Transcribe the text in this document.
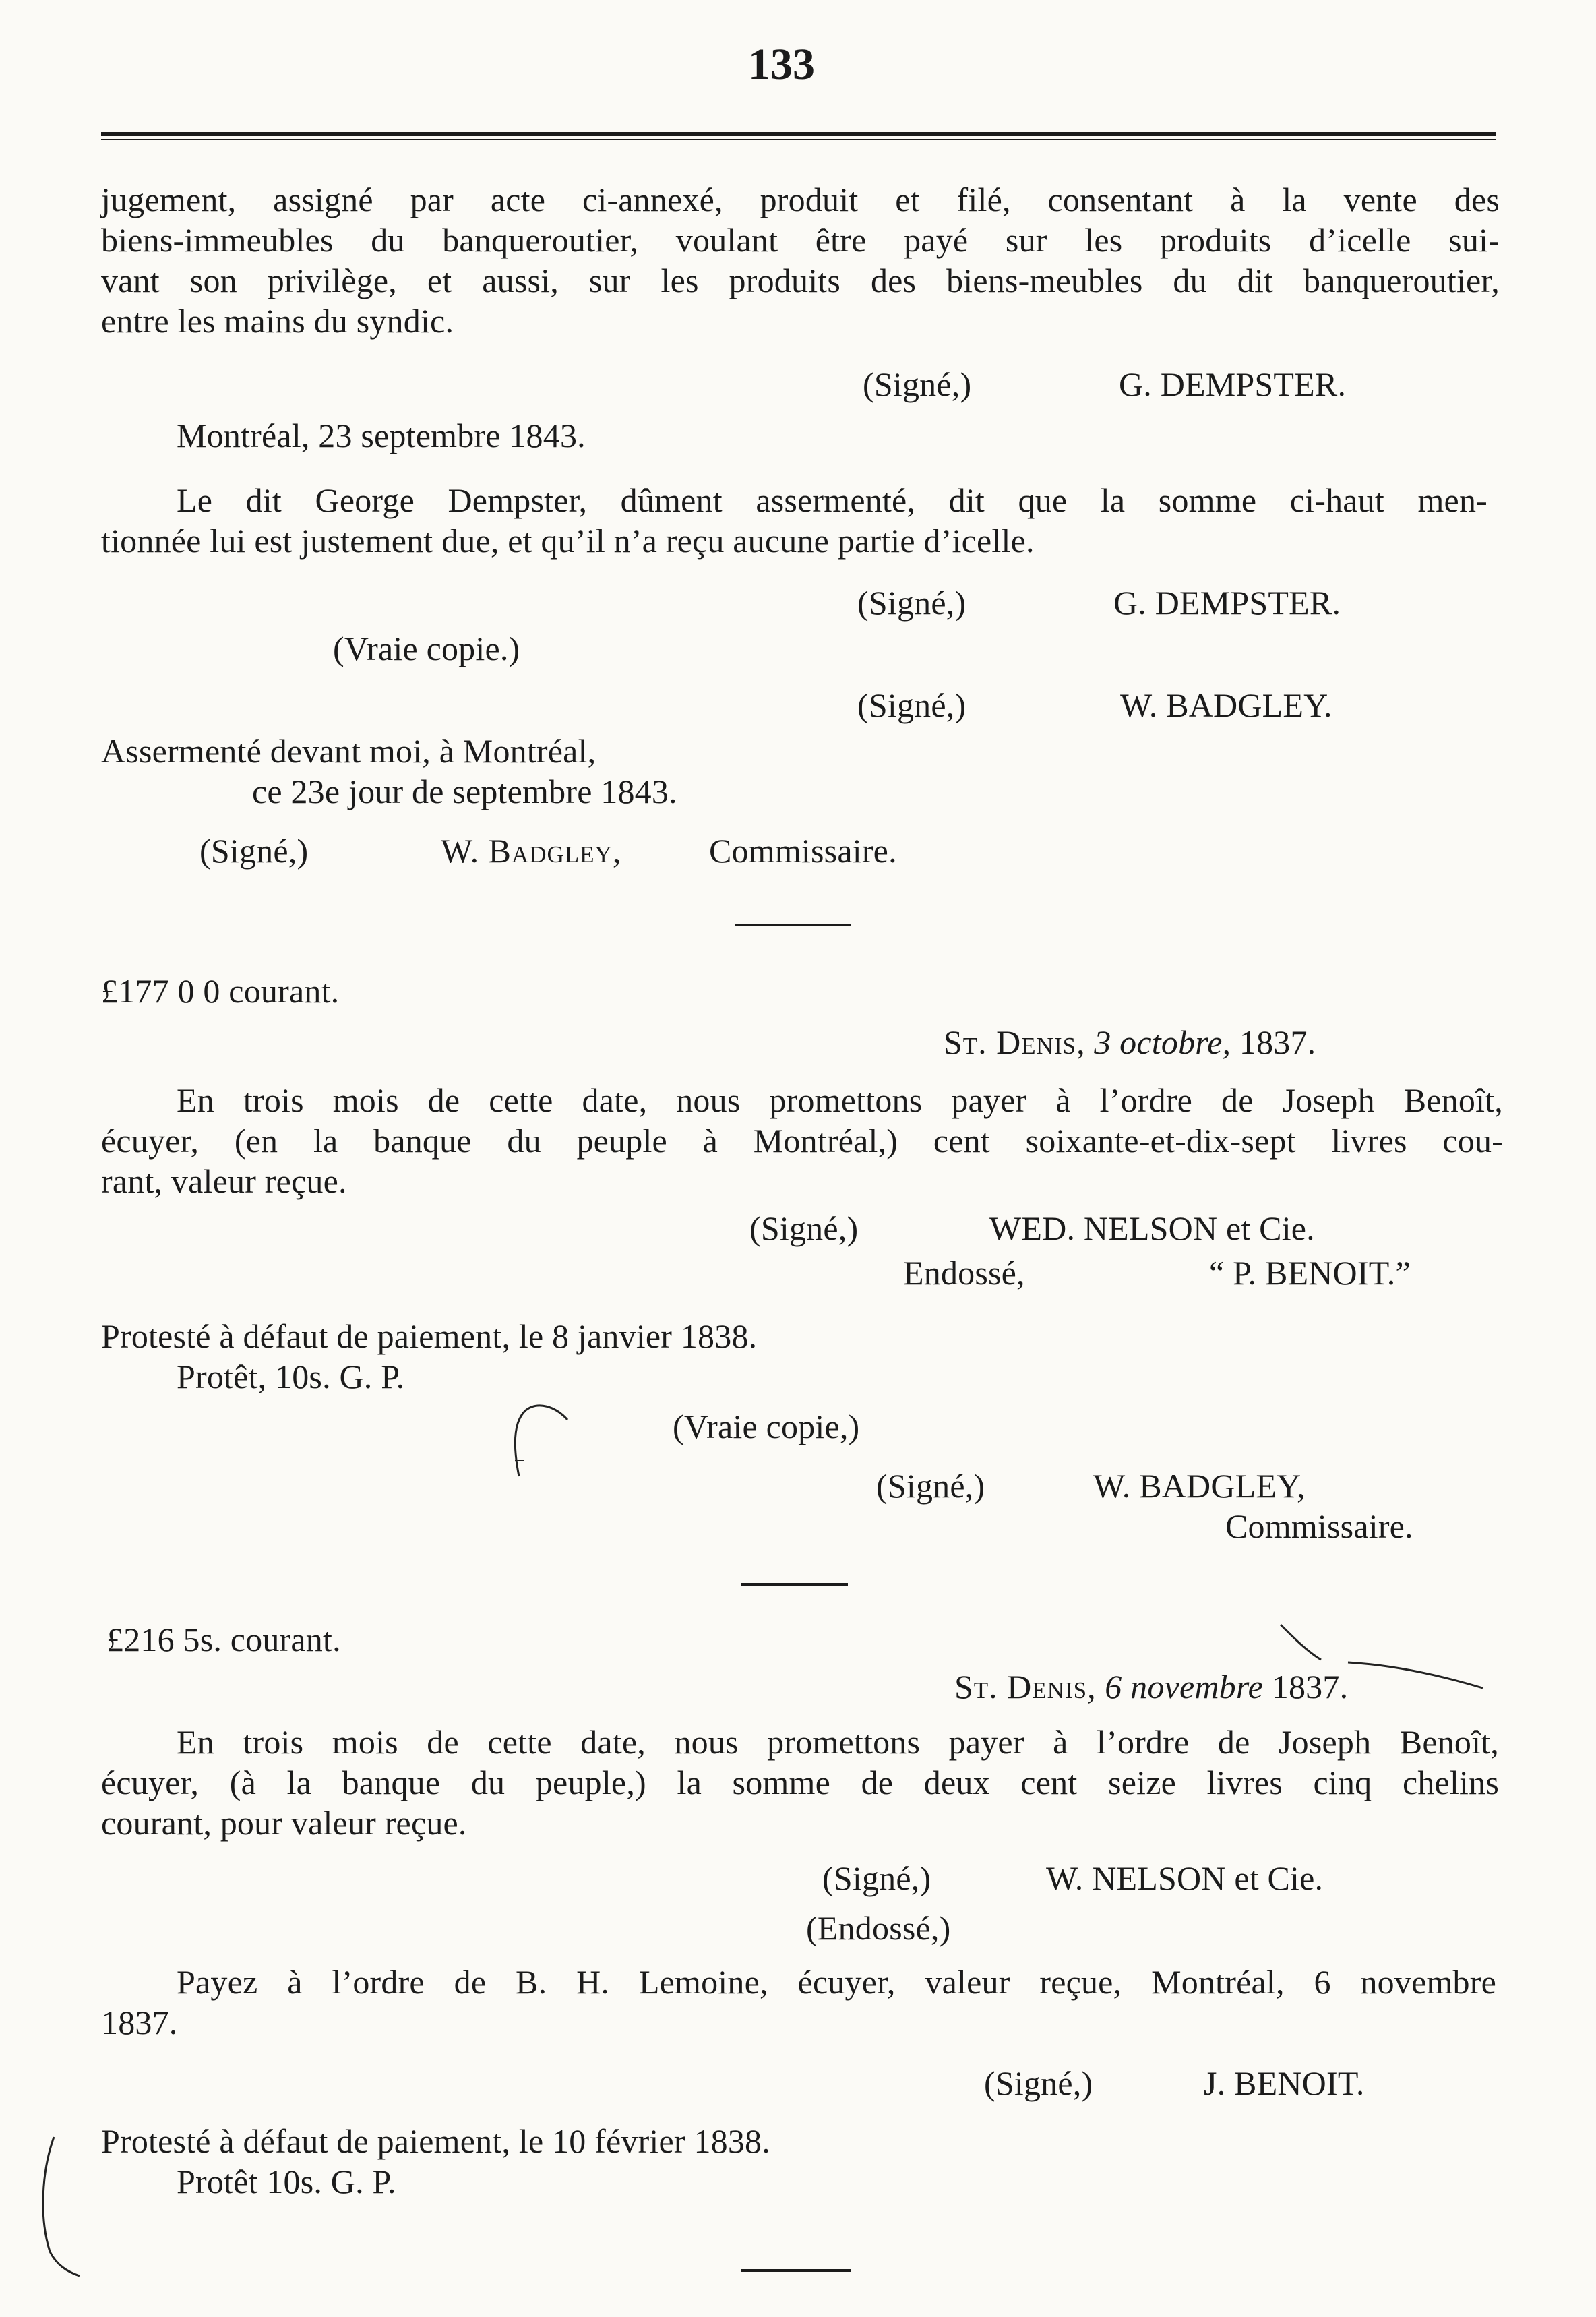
133
jugement, assigné par acte ci-annexé, produit et filé, consentant à la vente des
biens-immeubles du banqueroutier, voulant être payé sur les produits d’icelle sui-
vant son privilège, et aussi, sur les produits des biens-meubles du dit banqueroutier,
entre les mains du syndic.
(Signé,)	G. DEMPSTER.
Montréal, 23 septembre 1843.
Le dit George Dempster, dûment assermenté, dit que la somme ci-haut men-
tionnée lui est justement due, et qu’il n’a reçu aucune partie d’icelle.
(Signé,)	G. DEMPSTER.
(Vraie copie.)
(Signé,)	W. BADGLEY.
Assermenté devant moi, à Montréal,
ce 23e jour de septembre 1843.
(Signé,)	W. Badgley,	Commissaire.
£177 0 0 courant.
St. Denis, 3 octobre, 1837.
En trois mois de cette date, nous promettons payer à l’ordre de Joseph Benoît,
écuyer, (en la banque du peuple à Montréal,) cent soixante-et-dix-sept livres cou-
rant, valeur reçue.
(Signé,)	WED. NELSON et Cie.
Endossé,	“ P. BENOIT.”
Protesté à défaut de paiement, le 8 janvier 1838.
Protêt, 10s. G. P.
(Vraie copie,)
(Signé,)	W. BADGLEY,
Commissaire.
£216 5s. courant.
St. Denis, 6 novembre 1837.
En trois mois de cette date, nous promettons payer à l’ordre de Joseph Benoît,
écuyer, (à la banque du peuple,) la somme de deux cent seize livres cinq chelins
courant, pour valeur reçue.
(Signé,)	W. NELSON et Cie.
(Endossé,)
Payez à l’ordre de B. H. Lemoine, écuyer, valeur reçue, Montréal, 6 novembre
1837.
(Signé,)	J. BENOIT.
Protesté à défaut de paiement, le 10 février 1838.
Protêt 10s. G. P.
